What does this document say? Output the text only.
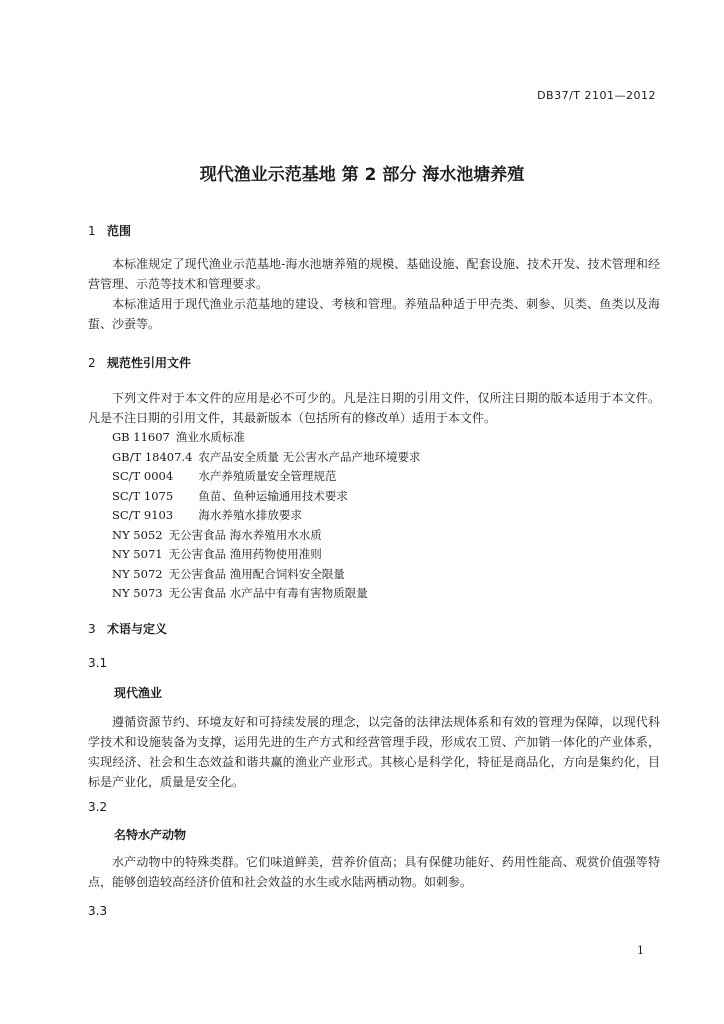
DB37/T 2101—2012
现代渔业示范基地 第 2 部分 海水池塘养殖
1 范围
本标准规定了现代渔业示范基地-海水池塘养殖的规模、基础设施、配套设施、技术开发、技术管理和经营管理、示范等技术和管理要求。
本标准适用于现代渔业示范基地的建设、考核和管理。养殖品种适于甲壳类、刺参、贝类、鱼类以及海蜇、沙蚕等。
2 规范性引用文件
下列文件对于本文件的应用是必不可少的。凡是注日期的引用文件，仅所注日期的版本适用于本文件。凡是不注日期的引用文件，其最新版本（包括所有的修改单）适用于本文件。
GB 11607 渔业水质标准
GB/T 18407.4 农产品安全质量 无公害水产品产地环境要求
SC/T 0004 水产养殖质量安全管理规范
SC/T 1075 鱼苗、鱼种运输通用技术要求
SC/T 9103 海水养殖水排放要求
NY 5052 无公害食品 海水养殖用水水质
NY 5071 无公害食品 渔用药物使用准则
NY 5072 无公害食品 渔用配合饲料安全限量
NY 5073 无公害食品 水产品中有毒有害物质限量
3 术语与定义
3.1
现代渔业
遵循资源节约、环境友好和可持续发展的理念，以完备的法律法规体系和有效的管理为保障，以现代科学技术和设施装备为支撑，运用先进的生产方式和经营管理手段，形成农工贸、产加销一体化的产业体系，实现经济、社会和生态效益和谐共赢的渔业产业形式。其核心是科学化，特征是商品化，方向是集约化，目标是产业化，质量是安全化。
3.2
名特水产动物
水产动物中的特殊类群。它们味道鲜美，营养价值高；具有保健功能好、药用性能高、观赏价值强等特点，能够创造较高经济价值和社会效益的水生或水陆两栖动物。如刺参。
3.3
1
